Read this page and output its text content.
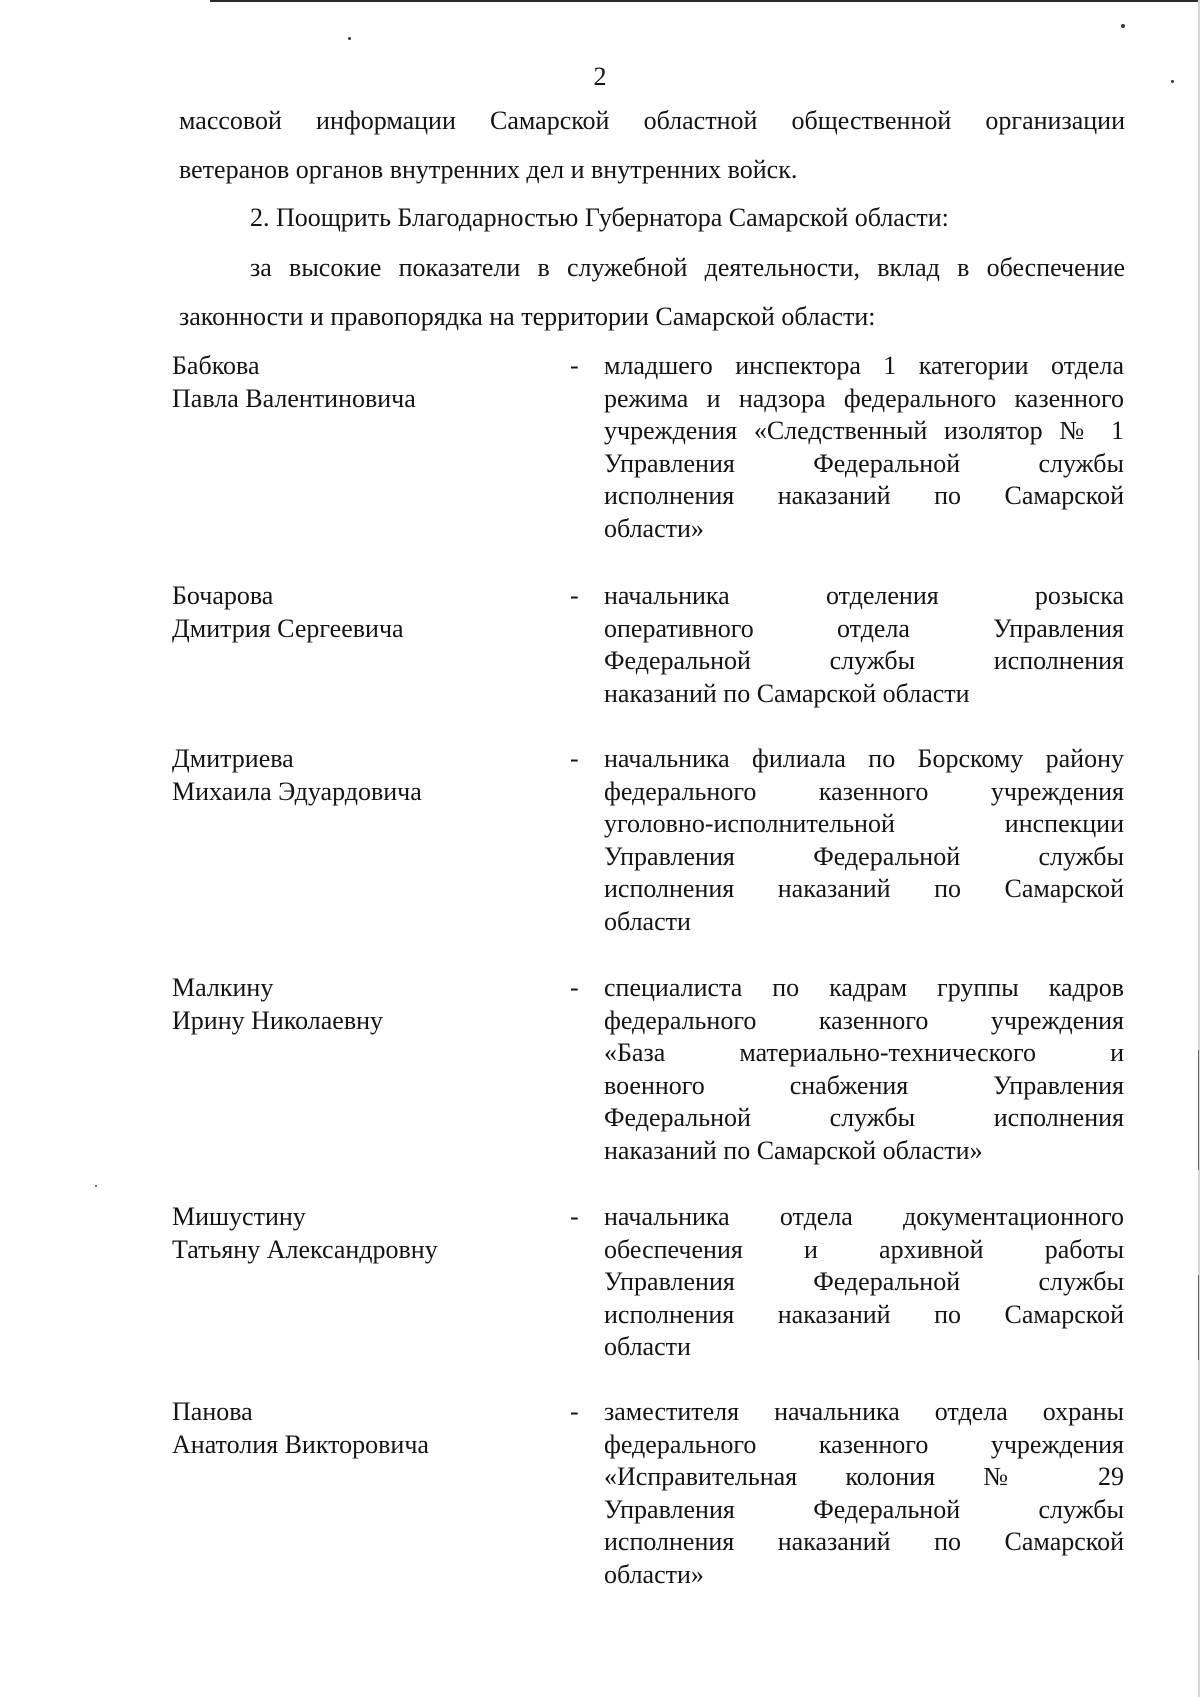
2
массовой информации Самарской областной общественной организации
ветеранов органов внутренних дел и внутренних войск.
2. Поощрить Благодарностью Губернатора Самарской области:
за высокие показатели в служебной деятельности, вклад в обеспечение
законности и правопорядка на территории Самарской области:
Бабкова
Павла Валентиновича
- младшего инспектора 1 категории отдела
режима и надзора федерального казенного
учреждения «Следственный изолятор № 1
Управления Федеральной службы
исполнения наказаний по Самарской
области»
Бочарова
Дмитрия Сергеевича
- начальника отделения розыска
оперативного отдела Управления
Федеральной службы исполнения
наказаний по Самарской области
Дмитриева
Михаила Эдуардовича
- начальника филиала по Борскому району
федерального казенного учреждения
уголовно-исполнительной инспекции
Управления Федеральной службы
исполнения наказаний по Самарской
области
Малкину
Ирину Николаевну
- специалиста по кадрам группы кадров
федерального казенного учреждения
«База материально-технического и
военного снабжения Управления
Федеральной службы исполнения
наказаний по Самарской области»
Мишустину
Татьяну Александровну
- начальника отдела документационного
обеспечения и архивной работы
Управления Федеральной службы
исполнения наказаний по Самарской
области
Панова
Анатолия Викторовича
- заместителя начальника отдела охраны
федерального казенного учреждения
«Исправительная колония № 29
Управления Федеральной службы
исполнения наказаний по Самарской
области»
